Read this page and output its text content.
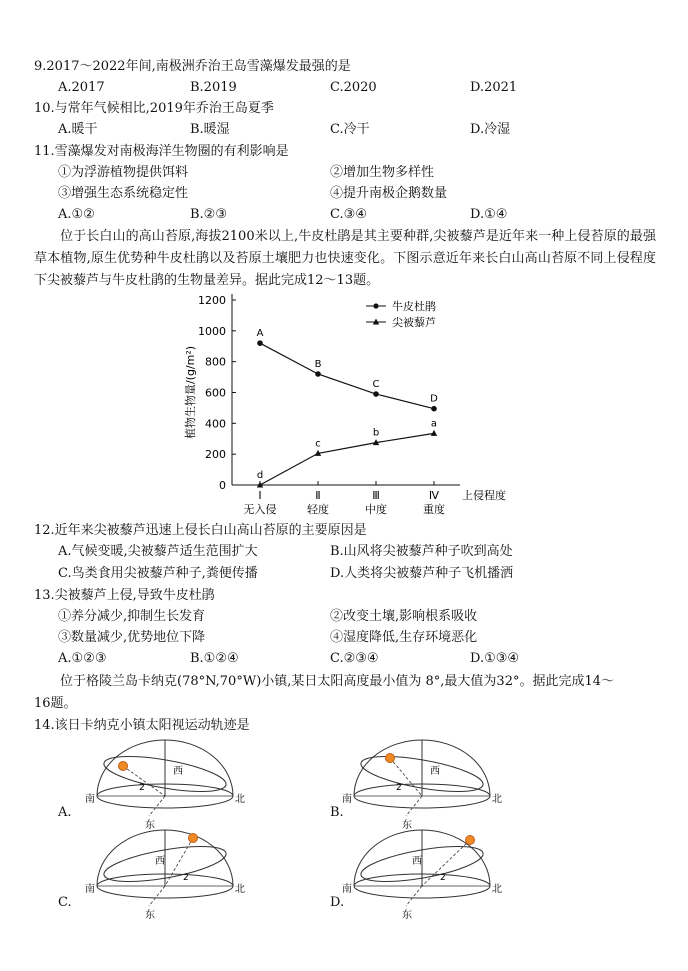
9.2017～2022年间,南极洲乔治王岛雪藻爆发最强的是
A.2017	B.2019	C.2020	D.2021
10.与常年气候相比,2019年乔治王岛夏季
A.暖干	B.暖湿	C.冷干	D.冷湿
11.雪藻爆发对南极海洋生物圈的有利影响是
①为浮游植物提供饵料	②增加生物多样性
③增强生态系统稳定性	④提升南极企鹅数量
A.①②	B.②③	C.③④	D.①④
位于长白山的高山苔原,海拔2100米以上,牛皮杜鹃是其主要种群,尖被藜芦是近年来一种上侵苔原的最强草本植物,原生优势种牛皮杜鹃以及苔原土壤肥力也快速变化。下图示意近年来长白山高山苔原不同上侵程度下尖被藜芦与牛皮杜鹃的生物量差异。据此完成12～13题。
0
200
400
600
800
1000
1200
Ⅰ
无入侵
Ⅱ
轻度
Ⅲ
中度
Ⅳ
重度
上侵程度
植物生物量/(g/m²)
A
B
C
D
d
c
b
a
牛皮杜鹃
尖被藜芦
12.近年来尖被藜芦迅速上侵长白山高山苔原的主要原因是
A.气候变暖,尖被藜芦适生范围扩大	B.山风将尖被藜芦种子吹到高处
C.鸟类食用尖被藜芦种子,粪便传播	D.人类将尖被藜芦种子飞机播洒
13.尖被藜芦上侵,导致牛皮杜鹃
①养分减少,抑制生长发育	②改变土壤,影响根系吸收
③数量减少,优势地位下降	④湿度降低,生存环境恶化
A.①②③	B.①②④	C.②③④	D.①③④
位于格陵兰岛卡纳克(78°N,70°W)小镇,某日太阳高度最小值为 8°,最大值为32°。据此完成14～
16题。
14.该日卡纳克小镇太阳视运动轨迹是
南	北
东
西
2
南	北
东
西
2
南	北
东
西
2
南	北
东
西
2
A.	B.
C.	D.
